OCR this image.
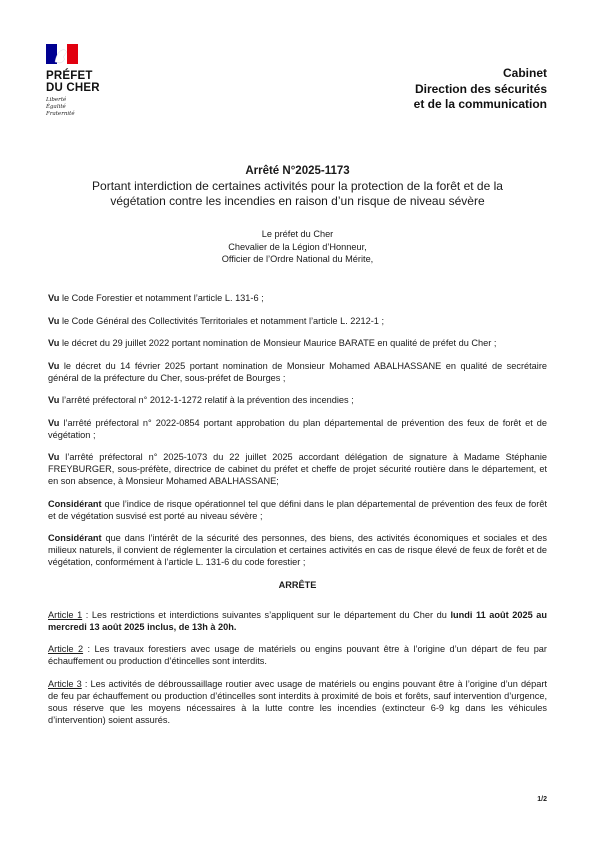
PRÉFET
DU CHER
Liberté
Égalité
Fraternité
Cabinet
Direction des sécurités
et de la communication
Arrêté N°2025-1173
Portant interdiction de certaines activités pour la protection de la forêt et de la
végétation contre les incendies en raison d’un risque de niveau sévère
Le préfet du Cher
Chevalier de la Légion d’Honneur,
Officier de l’Ordre National du Mérite,

Vu le Code Forestier et notamment l’article L. 131-6 ;

Vu le Code Général des Collectivités Territoriales et notamment l’article L. 2212-1 ;

Vu le décret du 29 juillet 2022 portant nomination de Monsieur Maurice BARATE en qualité de préfet du Cher ;

Vu le décret du 14 février 2025 portant nomination de Monsieur Mohamed ABALHASSANE en qualité de secrétaire général de la préfecture du Cher, sous-préfet de Bourges ;

Vu l’arrêté préfectoral n° 2012-1-1272 relatif à la prévention des incendies ;

Vu l’arrêté préfectoral n° 2022-0854 portant approbation du plan départemental de prévention des feux de forêt et de végétation ;

Vu l’arrêté préfectoral n° 2025-1073 du 22 juillet 2025 accordant délégation de signature à Madame Stéphanie FREYBURGER, sous-préfète, directrice de cabinet du préfet et cheffe de projet sécurité routière dans le département, et en son absence, à Monsieur Mohamed ABALHASSANE;

Considérant que l’indice de risque opérationnel tel que défini dans le plan départemental de prévention des feux de forêt et de végétation susvisé est porté au niveau sévère ;

Considérant que dans l’intérêt de la sécurité des personnes, des biens, des activités économiques et sociales et des milieux naturels, il convient de réglementer la circulation et certaines activités en cas de risque élevé de feux de forêt et de végétation, conformément à l’article L. 131-6 du code forestier ;

ARRÊTE

Article 1 : Les restrictions et interdictions suivantes s’appliquent sur le département du Cher du lundi 11 août 2025 au mercredi 13 août 2025 inclus, de 13h à 20h.

Article 2 : Les travaux forestiers avec usage de matériels ou engins pouvant être à l’origine d’un départ de feu par échauffement ou production d’étincelles sont interdits.

Article 3 : Les activités de débroussaillage routier avec usage de matériels ou engins pouvant être à l’origine d’un départ de feu par échauffement ou production d’étincelles sont interdits à proximité de bois et forêts, sauf intervention d’urgence, sous réserve que les moyens nécessaires à la lutte contre les incendies (extincteur 6-9 kg dans les véhicules d’intervention) soient assurés.

1/2
